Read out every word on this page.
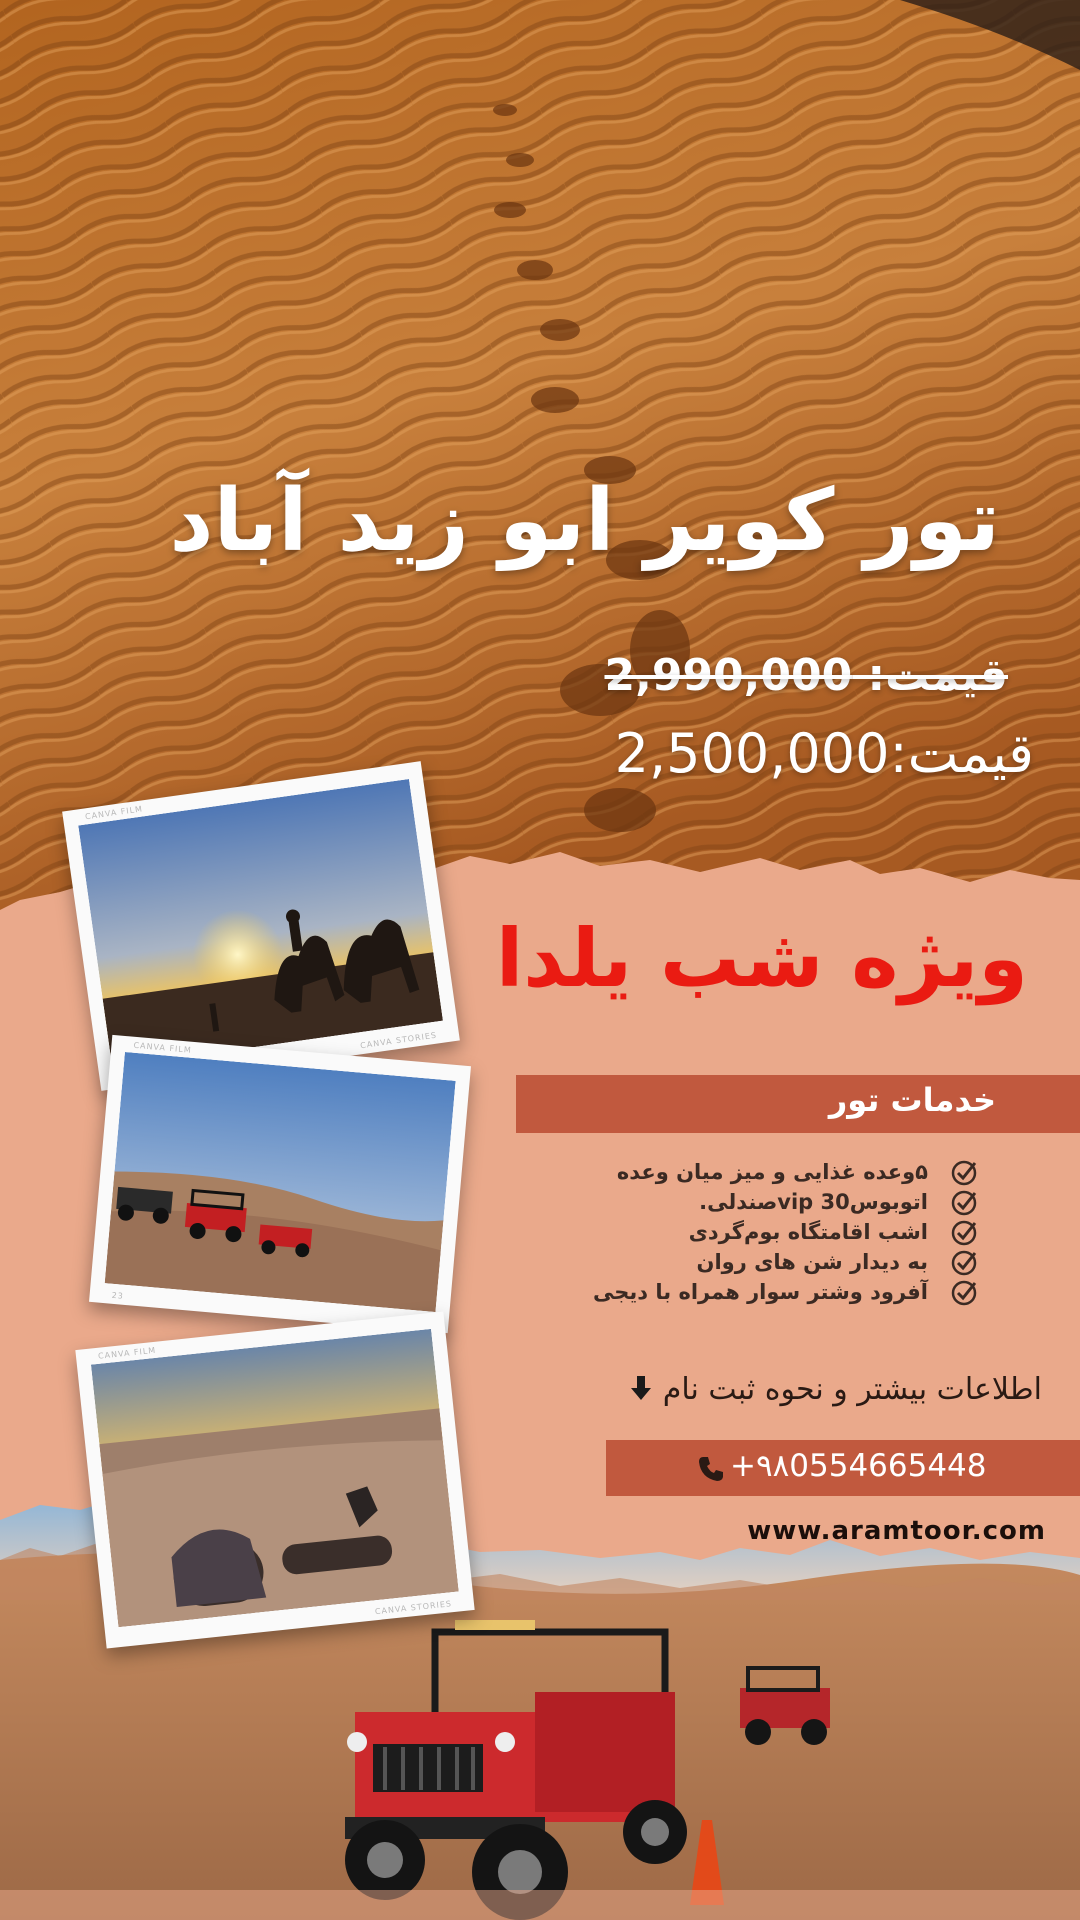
CANVA FILM
CANVA STORIES
CANVA FILM
23
CANVA FILM
CANVA STORIES
تور کویر ابو زید آباد
قیمت: 2,990,000
قیمت:2,500,000
ویژه شب یلدا
خدمات تور
۵وعده غذایی و میز میان وعده
اتوبوس30 vipصندلی.
اشب اقامتگاه بوم‌گردی
به دیدار شن های روان
آفرود وشتر سوار همراه با دیجی
اطلاعات بیشتر و نحوه ثبت نام
+۹۸0554665448
www.aramtoor.com
